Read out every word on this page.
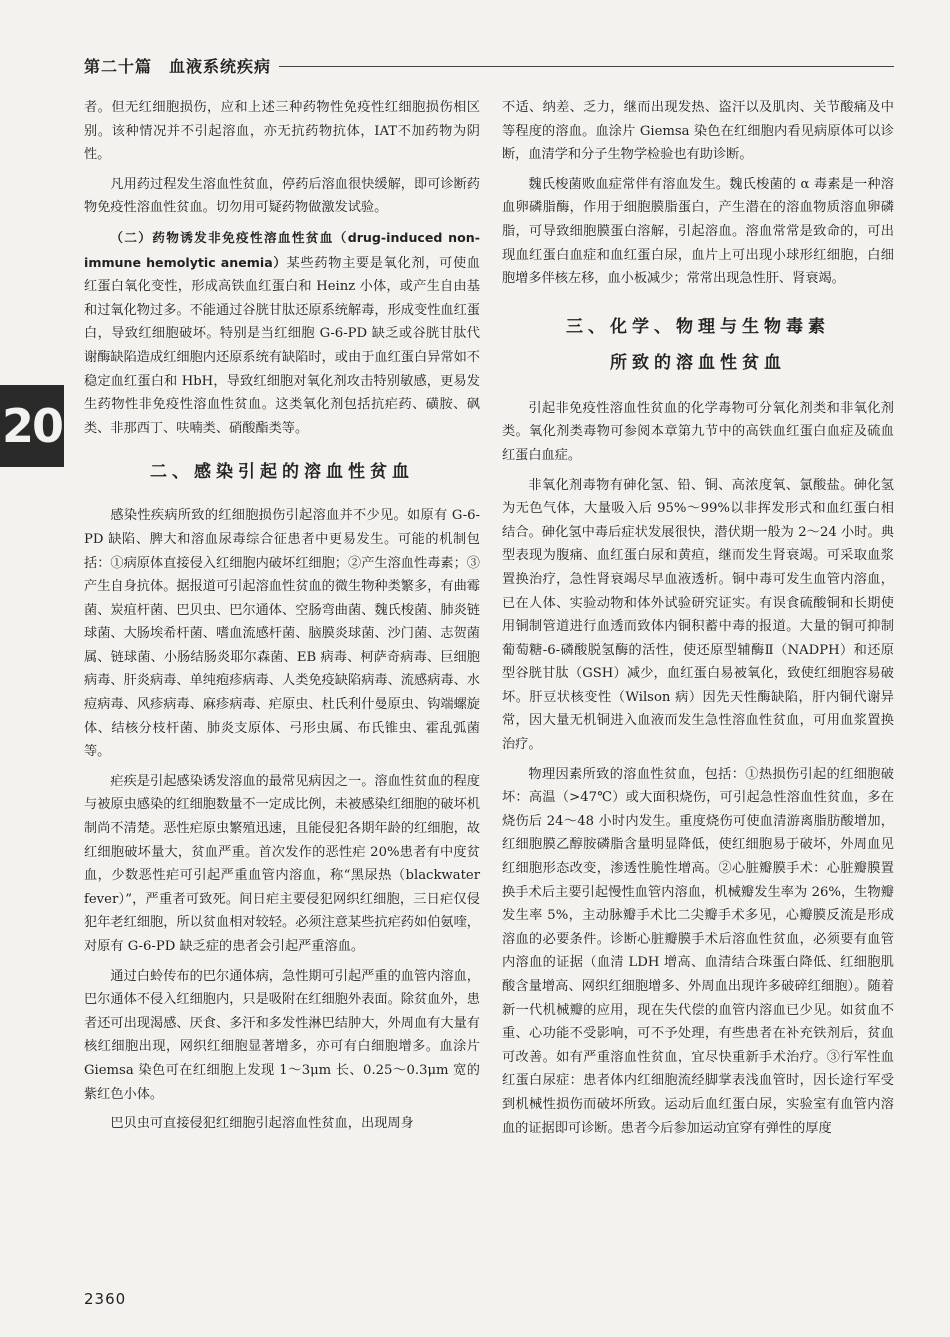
第二十篇　血液系统疾病
20

者。但无红细胞损伤，应和上述三种药物性免疫性红细胞损伤相区别。该种情况并不引起溶血，亦无抗药物抗体，IAT不加药物为阴性。

凡用药过程发生溶血性贫血，停药后溶血很快缓解，即可诊断药物免疫性溶血性贫血。切勿用可疑药物做激发试验。

（二）药物诱发非免疫性溶血性贫血（drug-induced non-immune hemolytic anemia）某些药物主要是氧化剂，可使血红蛋白氧化变性，形成高铁血红蛋白和 Heinz 小体，或产生自由基和过氧化物过多。不能通过谷胱甘肽还原系统解毒，形成变性血红蛋白，导致红细胞破坏。特别是当红细胞 G-6-PD 缺乏或谷胱甘肽代谢酶缺陷造成红细胞内还原系统有缺陷时，或由于血红蛋白异常如不稳定血红蛋白和 HbH，导致红细胞对氧化剂攻击特别敏感，更易发生药物性非免疫性溶血性贫血。这类氧化剂包括抗疟药、磺胺、砜类、非那西丁、呋喃类、硝酸酯类等。

二、感染引起的溶血性贫血

感染性疾病所致的红细胞损伤引起溶血并不少见。如原有 G-6-PD 缺陷、脾大和溶血尿毒综合征患者中更易发生。可能的机制包括：①病原体直接侵入红细胞内破坏红细胞；②产生溶血性毒素；③产生自身抗体。据报道可引起溶血性贫血的微生物种类繁多，有曲霉菌、炭疽杆菌、巴贝虫、巴尔通体、空肠弯曲菌、魏氏梭菌、肺炎链球菌、大肠埃希杆菌、嗜血流感杆菌、脑膜炎球菌、沙门菌、志贺菌属、链球菌、小肠结肠炎耶尔森菌、EB 病毒、柯萨奇病毒、巨细胞病毒、肝炎病毒、单纯疱疹病毒、人类免疫缺陷病毒、流感病毒、水痘病毒、风疹病毒、麻疹病毒、疟原虫、杜氏利什曼原虫、钩端螺旋体、结核分枝杆菌、肺炎支原体、弓形虫属、布氏锥虫、霍乱弧菌等。

疟疾是引起感染诱发溶血的最常见病因之一。溶血性贫血的程度与被原虫感染的红细胞数量不一定成比例，未被感染红细胞的破坏机制尚不清楚。恶性疟原虫繁殖迅速，且能侵犯各期年龄的红细胞，故红细胞破坏量大，贫血严重。首次发作的恶性疟 20%患者有中度贫血，少数恶性疟可引起严重血管内溶血，称“黑尿热（blackwater fever）”，严重者可致死。间日疟主要侵犯网织红细胞，三日疟仅侵犯年老红细胞，所以贫血相对较轻。必须注意某些抗疟药如伯氨喹，对原有 G-6-PD 缺乏症的患者会引起严重溶血。

通过白蛉传布的巴尔通体病，急性期可引起严重的血管内溶血，巴尔通体不侵入红细胞内，只是吸附在红细胞外表面。除贫血外，患者还可出现渴感、厌食、多汗和多发性淋巴结肿大，外周血有大量有核红细胞出现，网织红细胞显著增多，亦可有白细胞增多。血涂片 Giemsa 染色可在红细胞上发现 1～3μm 长、0.25～0.3μm 宽的紫红色小体。

巴贝虫可直接侵犯红细胞引起溶血性贫血，出现周身

不适、纳差、乏力，继而出现发热、盗汗以及肌肉、关节酸痛及中等程度的溶血。血涂片 Giemsa 染色在红细胞内看见病原体可以诊断，血清学和分子生物学检验也有助诊断。

魏氏梭菌败血症常伴有溶血发生。魏氏梭菌的 α 毒素是一种溶血卵磷脂酶，作用于细胞膜脂蛋白，产生潜在的溶血物质溶血卵磷脂，可导致细胞膜蛋白溶解，引起溶血。溶血常常是致命的，可出现血红蛋白血症和血红蛋白尿，血片上可出现小球形红细胞，白细胞增多伴核左移，血小板减少；常常出现急性肝、肾衰竭。

三、化学、物理与生物毒素
所致的溶血性贫血

引起非免疫性溶血性贫血的化学毒物可分氧化剂类和非氧化剂类。氧化剂类毒物可参阅本章第九节中的高铁血红蛋白血症及硫血红蛋白血症。

非氧化剂毒物有砷化氢、铅、铜、高浓度氧、氯酸盐。砷化氢为无色气体，大量吸入后 95%～99%以非挥发形式和血红蛋白相结合。砷化氢中毒后症状发展很快，潜伏期一般为 2～24 小时。典型表现为腹痛、血红蛋白尿和黄疸，继而发生肾衰竭。可采取血浆置换治疗，急性肾衰竭尽早血液透析。铜中毒可发生血管内溶血，已在人体、实验动物和体外试验研究证实。有误食硫酸铜和长期使用铜制管道进行血透而致体内铜积蓄中毒的报道。大量的铜可抑制葡萄糖-6-磷酸脱氢酶的活性，使还原型辅酶Ⅱ（NADPH）和还原型谷胱甘肽（GSH）减少，血红蛋白易被氧化，致使红细胞容易破坏。肝豆状核变性（Wilson 病）因先天性酶缺陷，肝内铜代谢异常，因大量无机铜进入血液而发生急性溶血性贫血，可用血浆置换治疗。

物理因素所致的溶血性贫血，包括：①热损伤引起的红细胞破坏：高温（>47℃）或大面积烧伤，可引起急性溶血性贫血，多在烧伤后 24～48 小时内发生。重度烧伤可使血清游离脂肪酸增加，红细胞膜乙醇胺磷脂含量明显降低，使红细胞易于破坏，外周血见红细胞形态改变，渗透性脆性增高。②心脏瓣膜手术：心脏瓣膜置换手术后主要引起慢性血管内溶血，机械瓣发生率为 26%，生物瓣发生率 5%，主动脉瓣手术比二尖瓣手术多见，心瓣膜反流是形成溶血的必要条件。诊断心脏瓣膜手术后溶血性贫血，必须要有血管内溶血的证据（血清 LDH 增高、血清结合珠蛋白降低、红细胞肌酸含量增高、网织红细胞增多、外周血出现许多破碎红细胞）。随着新一代机械瓣的应用，现在失代偿的血管内溶血已少见。如贫血不重、心功能不受影响，可不予处理，有些患者在补充铁剂后，贫血可改善。如有严重溶血性贫血，宜尽快重新手术治疗。③行军性血红蛋白尿症：患者体内红细胞流经脚掌表浅血管时，因长途行军受到机械性损伤而破坏所致。运动后血红蛋白尿，实验室有血管内溶血的证据即可诊断。患者今后参加运动宜穿有弹性的厚度

2360
